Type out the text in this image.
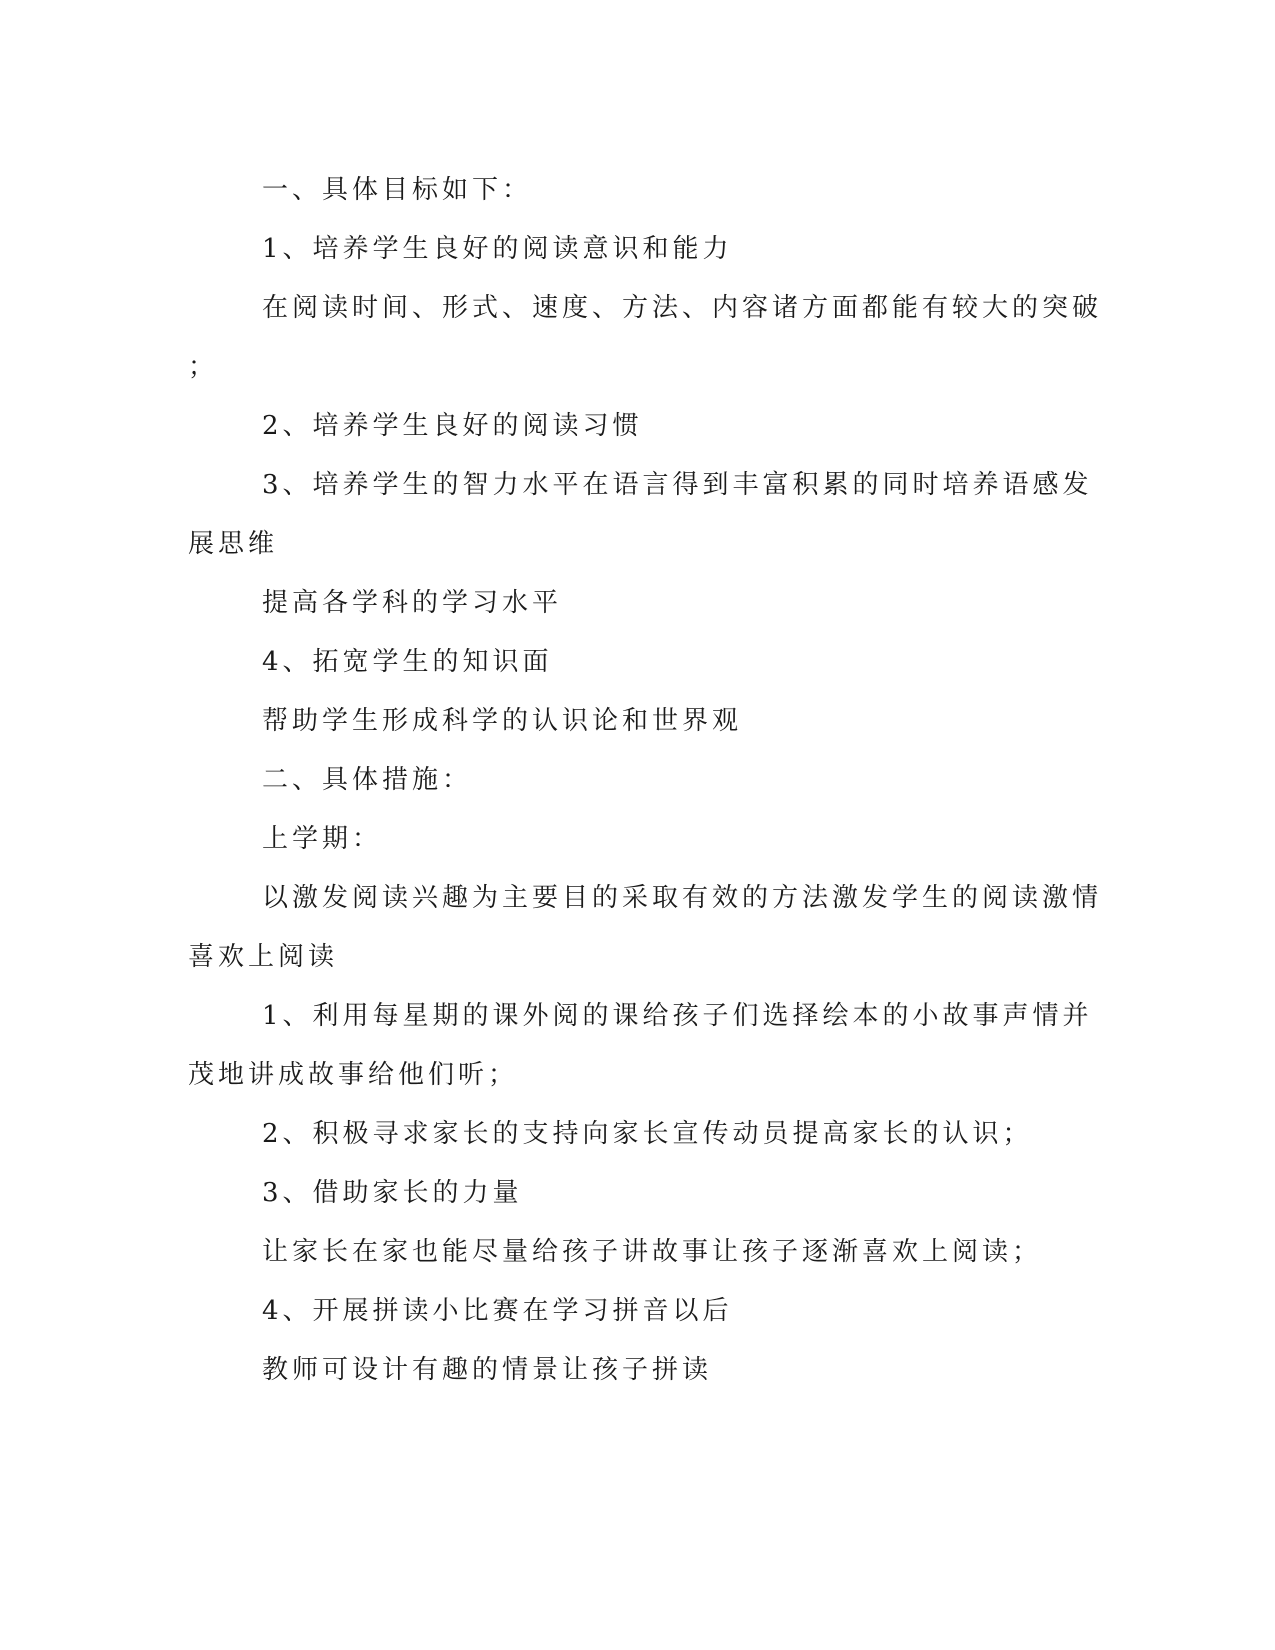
一、具体目标如下：
1、培养学生良好的阅读意识和能力
在阅读时间、形式、速度、方法、内容诸方面都能有较大的突破
；
2、培养学生良好的阅读习惯
3、培养学生的智力水平在语言得到丰富积累的同时培养语感发
展思维
提高各学科的学习水平
4、拓宽学生的知识面
帮助学生形成科学的认识论和世界观
二、具体措施：
上学期：
以激发阅读兴趣为主要目的采取有效的方法激发学生的阅读激情
喜欢上阅读
1、利用每星期的课外阅的课给孩子们选择绘本的小故事声情并
茂地讲成故事给他们听；
2、积极寻求家长的支持向家长宣传动员提高家长的认识；
3、借助家长的力量
让家长在家也能尽量给孩子讲故事让孩子逐渐喜欢上阅读；
4、开展拼读小比赛在学习拼音以后
教师可设计有趣的情景让孩子拼读
